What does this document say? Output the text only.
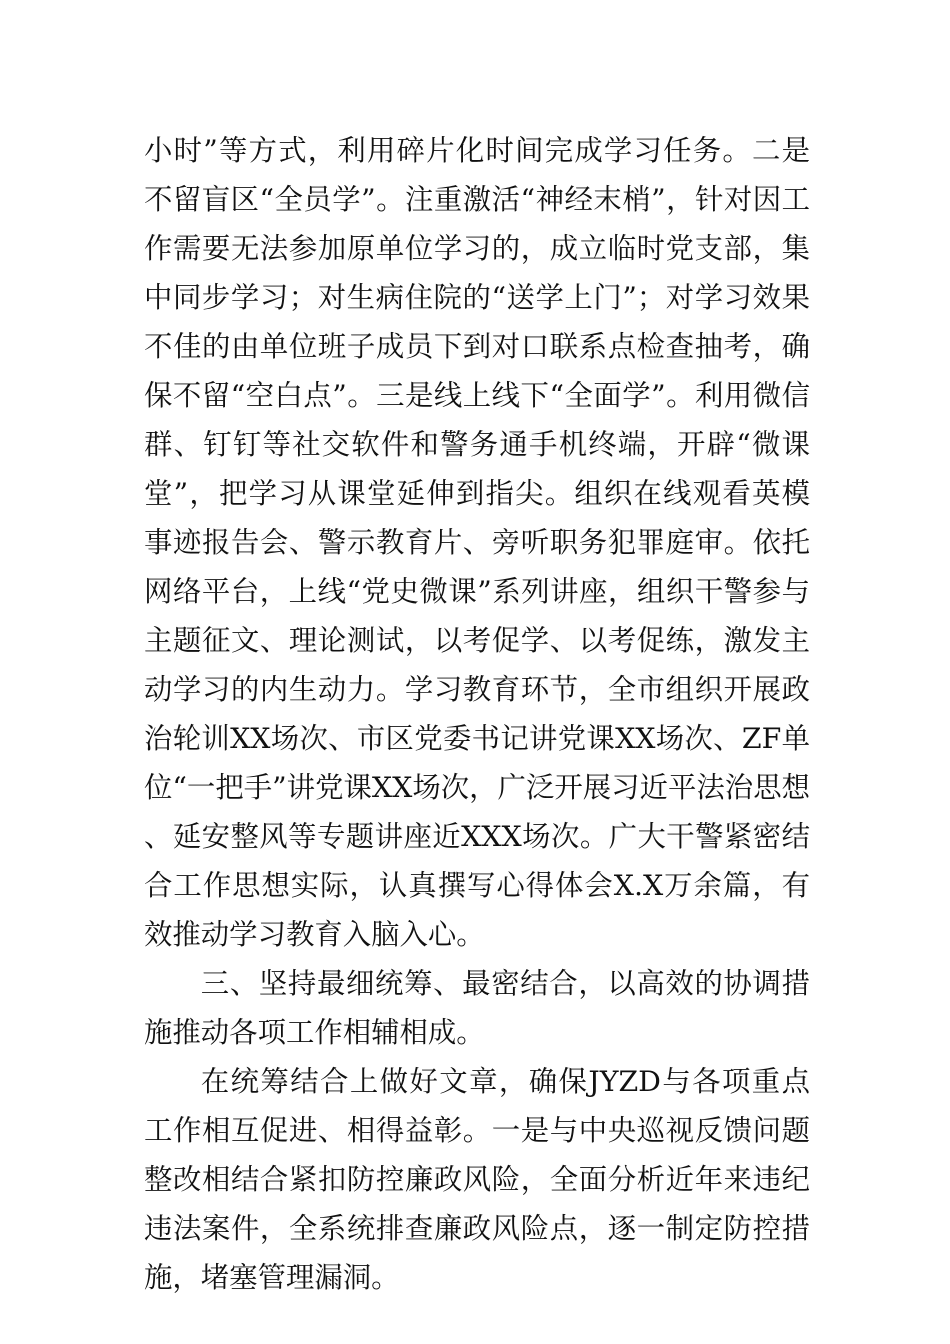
小时”等方式，利用碎片化时间完成学习任务。二是不留盲区“全员学”。注重激活“神经末梢”，针对因工作需要无法参加原单位学习的，成立临时党支部，集中同步学习；对生病住院的“送学上门”；对学习效果不佳的由单位班子成员下到对口联系点检查抽考，确保不留“空白点”。三是线上线下“全面学”。利用微信群、钉钉等社交软件和警务通手机终端，开辟“微课堂”，把学习从课堂延伸到指尖。组织在线观看英模事迹报告会、警示教育片、旁听职务犯罪庭审。依托网络平台，上线“党史微课”系列讲座，组织干警参与主题征文、理论测试，以考促学、以考促练，激发主动学习的内生动力。学习教育环节，全市组织开展政治轮训XX场次、市区党委书记讲党课XX场次、ZF单位“一把手”讲党课XX场次，广泛开展习近平法治思想、延安整风等专题讲座近XXX场次。广大干警紧密结合工作思想实际，认真撰写心得体会X.X万余篇，有效推动学习教育入脑入心。

三、坚持最细统筹、最密结合，以高效的协调措施推动各项工作相辅相成。

在统筹结合上做好文章，确保JYZD与各项重点工作相互促进、相得益彰。一是与中央巡视反馈问题整改相结合紧扣防控廉政风险，全面分析近年来违纪违法案件，全系统排查廉政风险点，逐一制定防控措施，堵塞管理漏洞。
